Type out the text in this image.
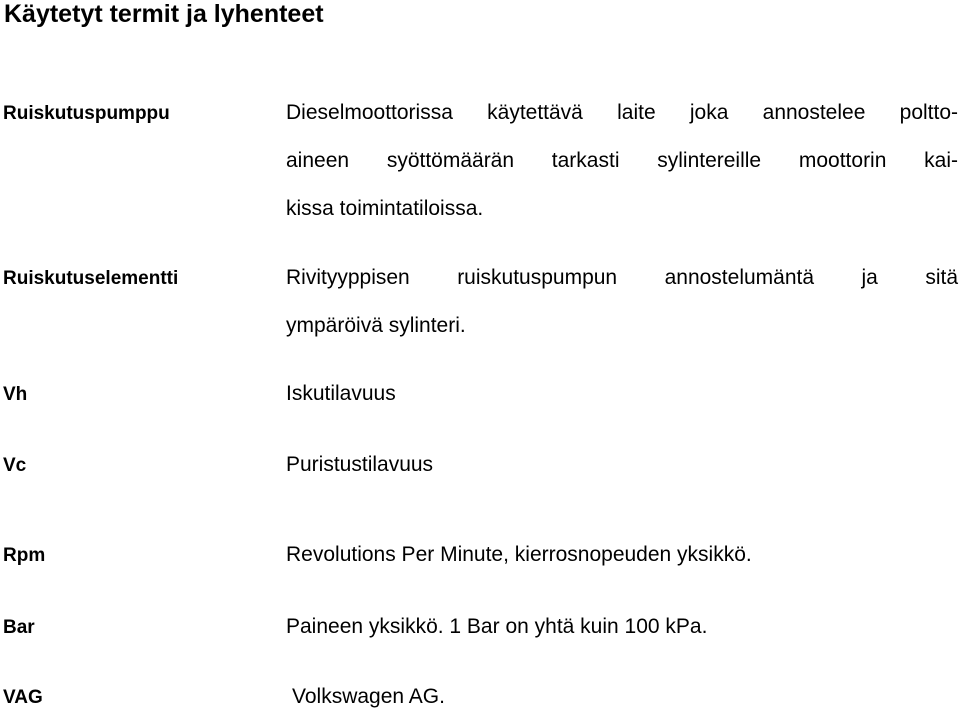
Käytetyt termit ja lyhenteet
Ruiskutuspumppu	Dieselmoottorissa käytettävä laite joka annostelee poltto-
aineen syöttömäärän tarkasti sylintereille moottorin kai-
kissa toimintatiloissa.
Ruiskutuselementti	Rivityyppisen ruiskutuspumpun annostelumäntä ja sitä
ympäröivä sylinteri.
Vh	Iskutilavuus
Vc	Puristustilavuus
Rpm	Revolutions Per Minute, kierrosnopeuden yksikkö.
Bar	Paineen yksikkö. 1 Bar on yhtä kuin 100 kPa.
VAG	Volkswagen AG.
